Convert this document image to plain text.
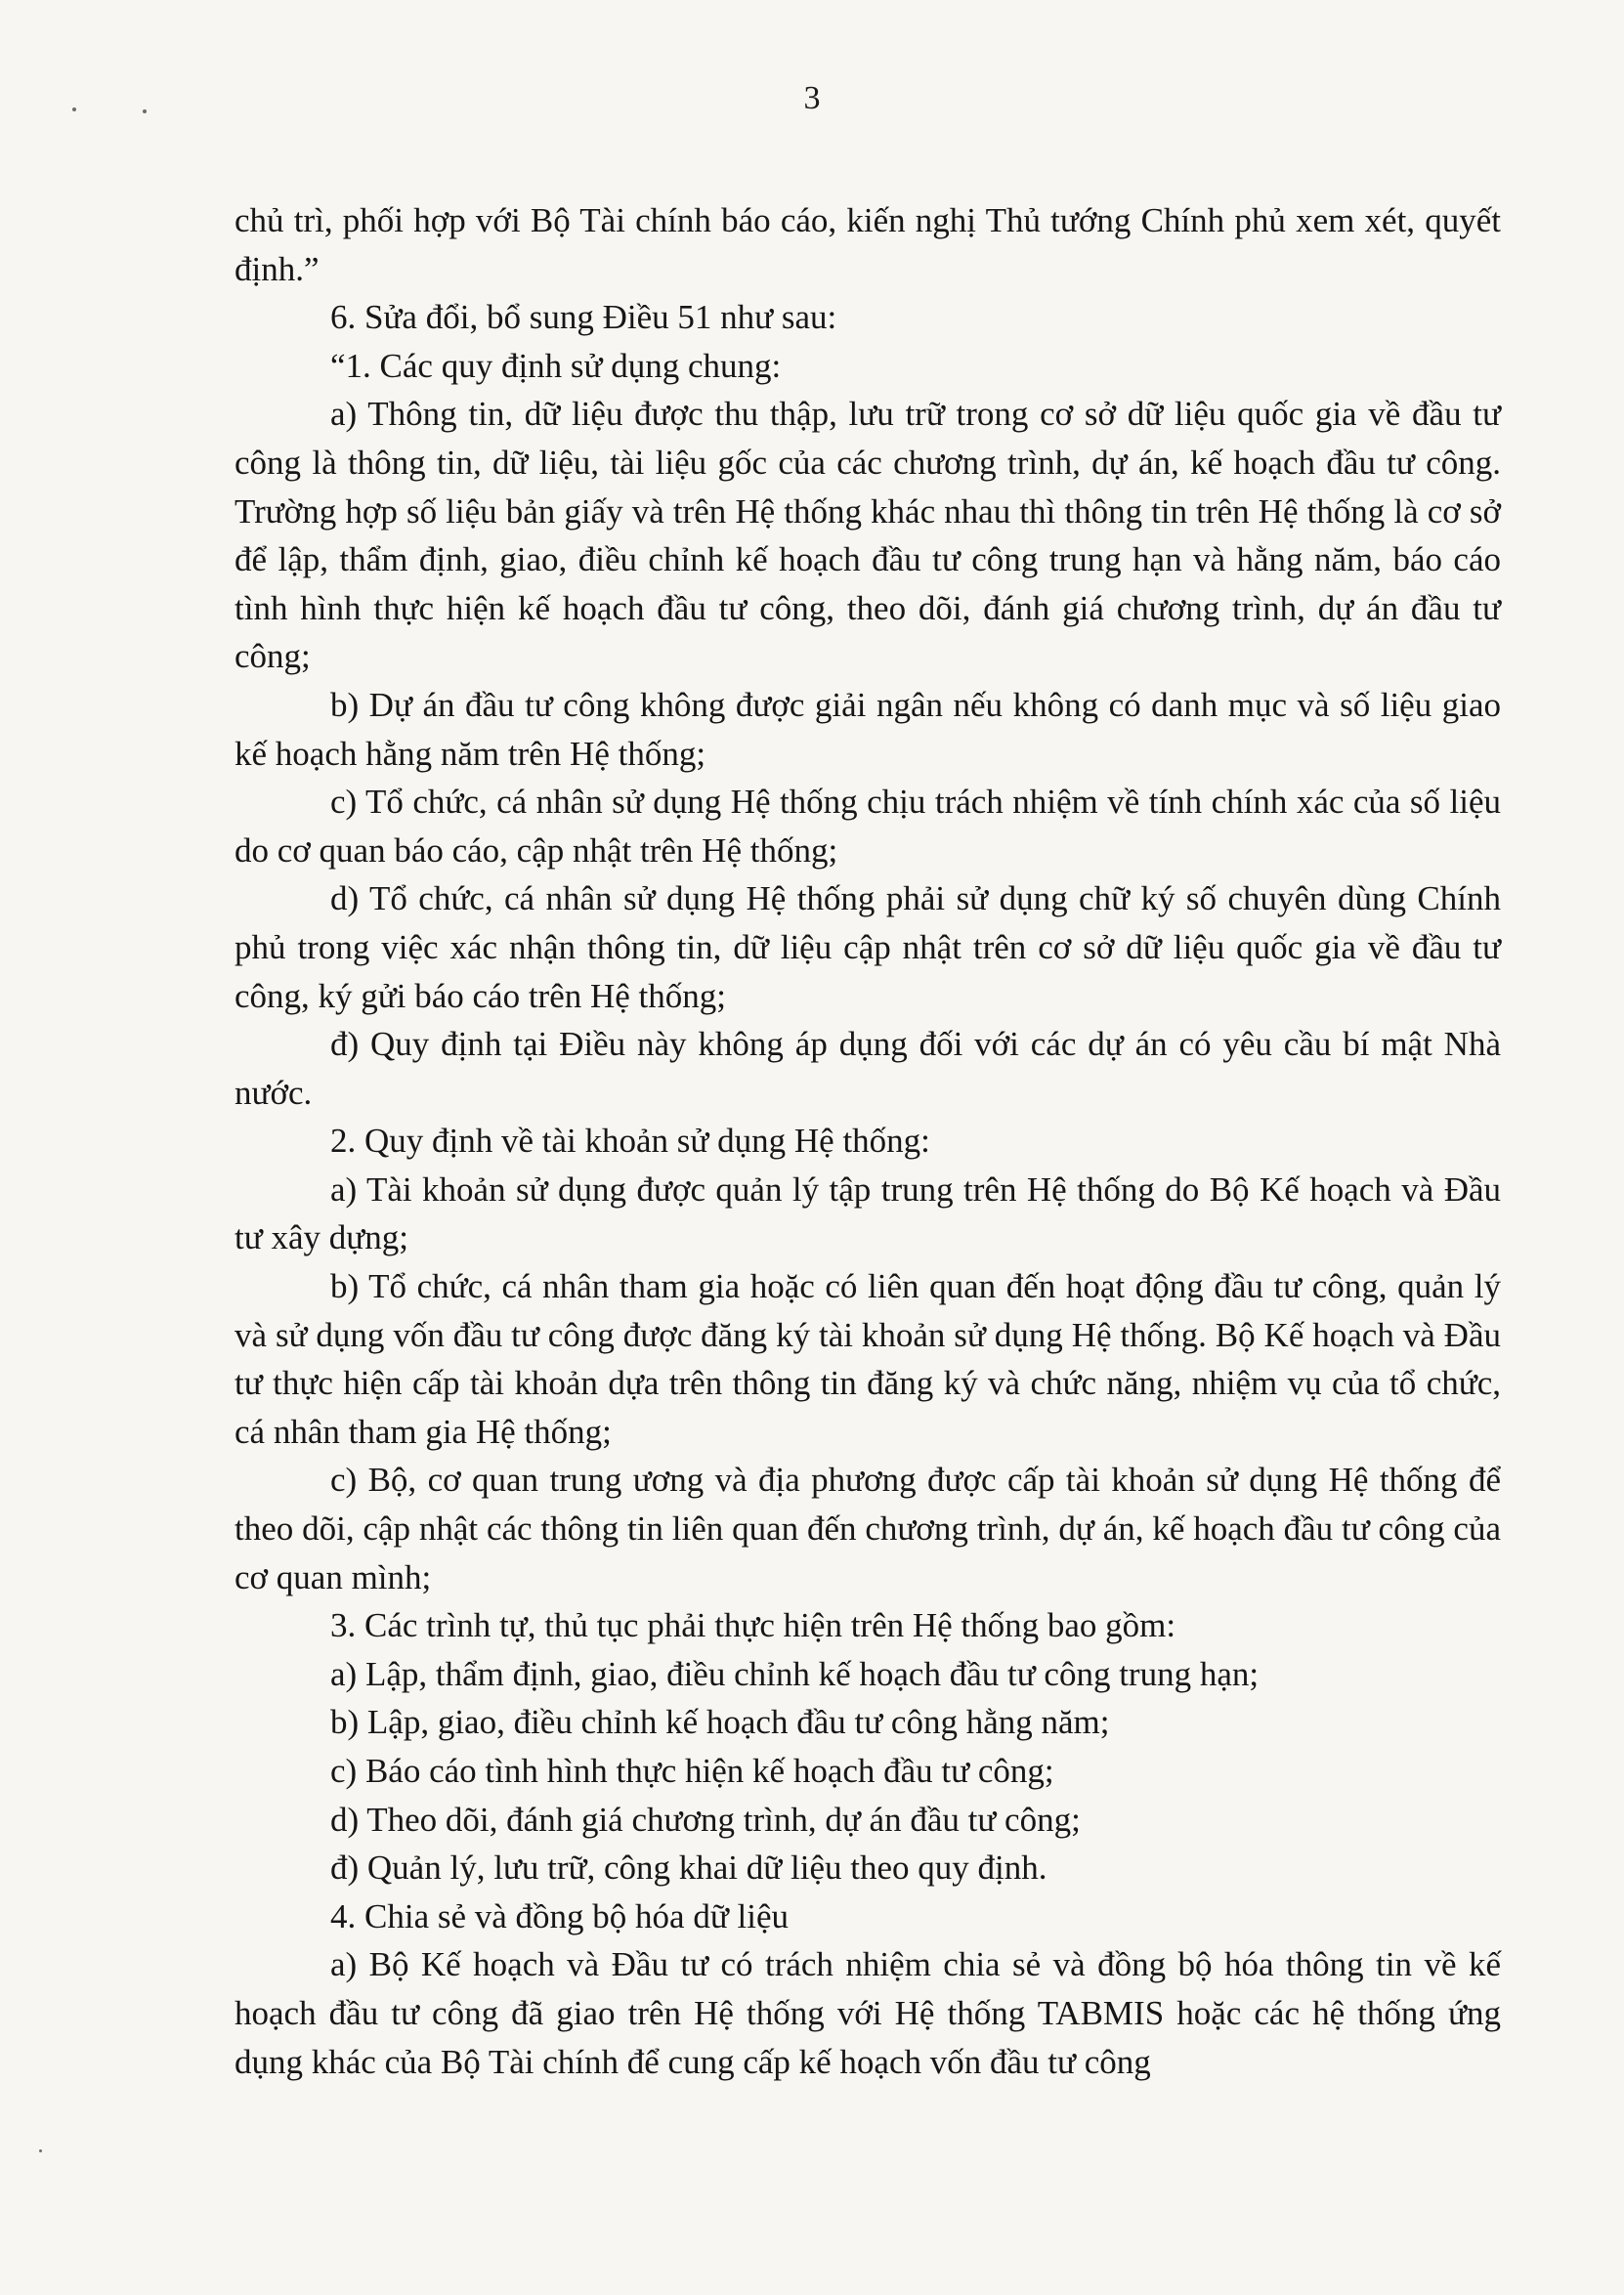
3

chủ trì, phối hợp với Bộ Tài chính báo cáo, kiến nghị Thủ tướng Chính phủ xem xét, quyết định.”

6. Sửa đổi, bổ sung Điều 51 như sau:

“1. Các quy định sử dụng chung:

a) Thông tin, dữ liệu được thu thập, lưu trữ trong cơ sở dữ liệu quốc gia về đầu tư công là thông tin, dữ liệu, tài liệu gốc của các chương trình, dự án, kế hoạch đầu tư công. Trường hợp số liệu bản giấy và trên Hệ thống khác nhau thì thông tin trên Hệ thống là cơ sở để lập, thẩm định, giao, điều chỉnh kế hoạch đầu tư công trung hạn và hằng năm, báo cáo tình hình thực hiện kế hoạch đầu tư công, theo dõi, đánh giá chương trình, dự án đầu tư công;

b) Dự án đầu tư công không được giải ngân nếu không có danh mục và số liệu giao kế hoạch hằng năm trên Hệ thống;

c) Tổ chức, cá nhân sử dụng Hệ thống chịu trách nhiệm về tính chính xác của số liệu do cơ quan báo cáo, cập nhật trên Hệ thống;

d) Tổ chức, cá nhân sử dụng Hệ thống phải sử dụng chữ ký số chuyên dùng Chính phủ trong việc xác nhận thông tin, dữ liệu cập nhật trên cơ sở dữ liệu quốc gia về đầu tư công, ký gửi báo cáo trên Hệ thống;

đ) Quy định tại Điều này không áp dụng đối với các dự án có yêu cầu bí mật Nhà nước.

2. Quy định về tài khoản sử dụng Hệ thống:

a) Tài khoản sử dụng được quản lý tập trung trên Hệ thống do Bộ Kế hoạch và Đầu tư xây dựng;

b) Tổ chức, cá nhân tham gia hoặc có liên quan đến hoạt động đầu tư công, quản lý và sử dụng vốn đầu tư công được đăng ký tài khoản sử dụng Hệ thống. Bộ Kế hoạch và Đầu tư thực hiện cấp tài khoản dựa trên thông tin đăng ký và chức năng, nhiệm vụ của tổ chức, cá nhân tham gia Hệ thống;

c) Bộ, cơ quan trung ương và địa phương được cấp tài khoản sử dụng Hệ thống để theo dõi, cập nhật các thông tin liên quan đến chương trình, dự án, kế hoạch đầu tư công của cơ quan mình;

3. Các trình tự, thủ tục phải thực hiện trên Hệ thống bao gồm:

a) Lập, thẩm định, giao, điều chỉnh kế hoạch đầu tư công trung hạn;

b) Lập, giao, điều chỉnh kế hoạch đầu tư công hằng năm;

c) Báo cáo tình hình thực hiện kế hoạch đầu tư công;

d) Theo dõi, đánh giá chương trình, dự án đầu tư công;

đ) Quản lý, lưu trữ, công khai dữ liệu theo quy định.

4. Chia sẻ và đồng bộ hóa dữ liệu

a) Bộ Kế hoạch và Đầu tư có trách nhiệm chia sẻ và đồng bộ hóa thông tin về kế hoạch đầu tư công đã giao trên Hệ thống với Hệ thống TABMIS hoặc các hệ thống ứng dụng khác của Bộ Tài chính để cung cấp kế hoạch vốn đầu tư công
